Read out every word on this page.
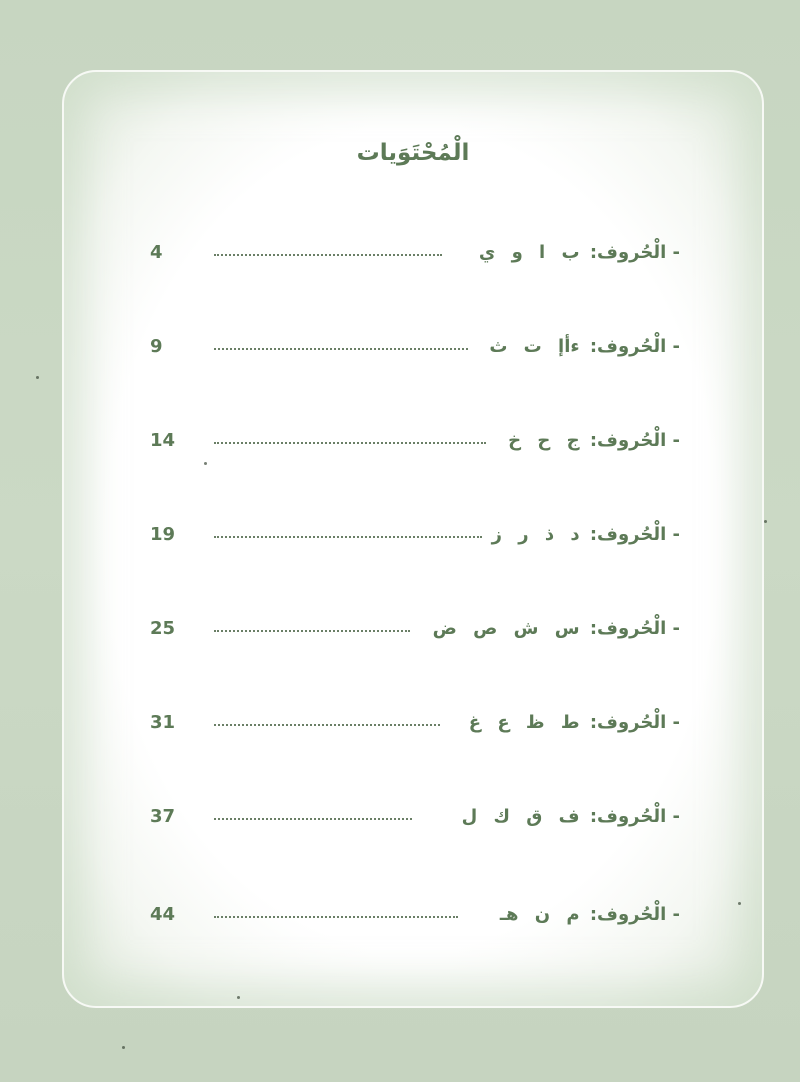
الْمُحْتَوَيات
4	- الْحُروف: ب ا و ي
9	- الْحُروف: ءأإ ت ث
14	- الْحُروف: ج ح خ
19	- الْحُروف: د ذ ر ز
25	- الْحُروف: س ش ص ض
31	- الْحُروف: ط ظ ع غ
37	- الْحُروف: ف ق ك ل
44	- الْحُروف: م ن هـ
